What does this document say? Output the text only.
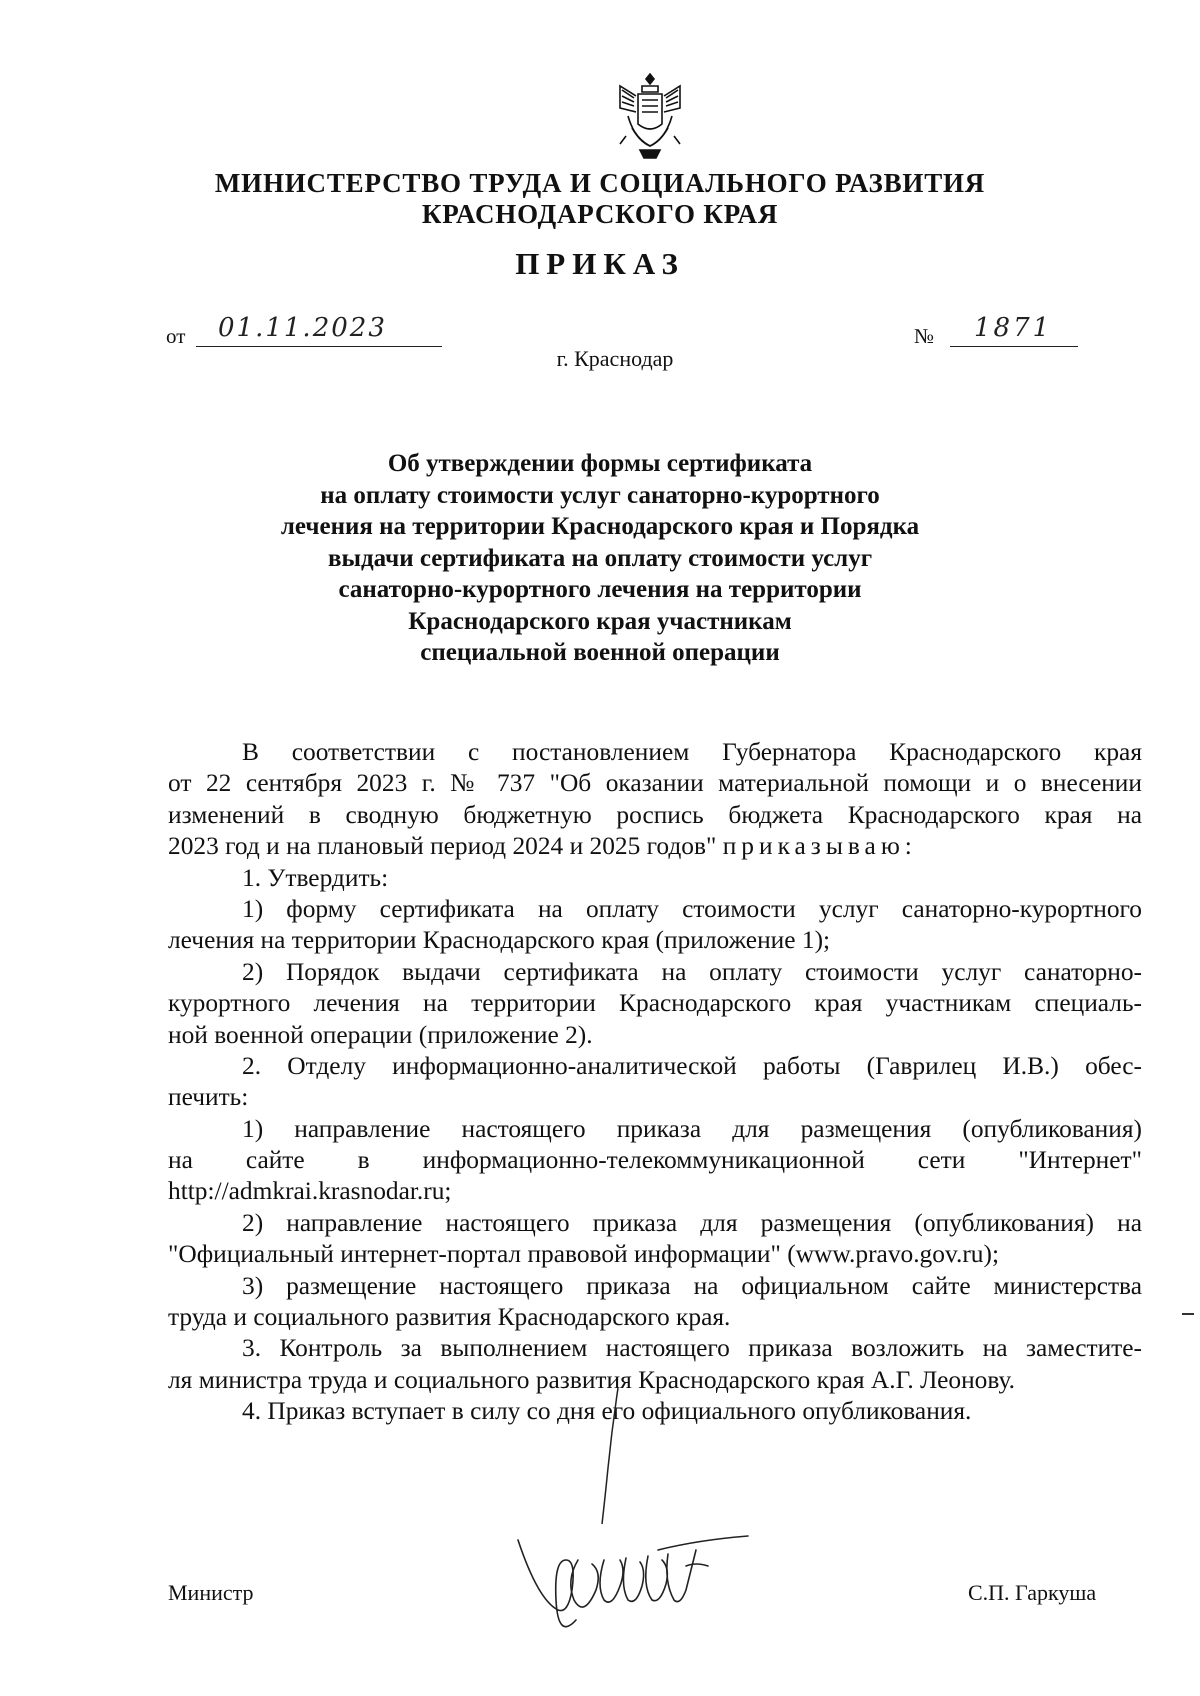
МИНИСТЕРСТВО ТРУДА И СОЦИАЛЬНОГО РАЗВИТИЯ
КРАСНОДАРСКОГО КРАЯ
ПРИКАЗ
от 01.11.2023	№ 1871
г. Краснодар
Об утверждении формы сертификата
на оплату стоимости услуг санаторно-курортного
лечения на территории Краснодарского края и Порядка
выдачи сертификата на оплату стоимости услуг
санаторно-курортного лечения на территории
Краснодарского края участникам
специальной военной операции
В соответствии с постановлением Губернатора Краснодарского края
от 22 сентября 2023 г. № 737 "Об оказании материальной помощи и о внесении
изменений в сводную бюджетную роспись бюджета Краснодарского края на
2023 год и на плановый период 2024 и 2025 годов" приказываю:
1. Утвердить:
1) форму сертификата на оплату стоимости услуг санаторно-курортного
лечения на территории Краснодарского края (приложение 1);
2) Порядок выдачи сертификата на оплату стоимости услуг санаторно-
курортного лечения на территории Краснодарского края участникам специаль-
ной военной операции (приложение 2).
2. Отделу информационно-аналитической работы (Гаврилец И.В.) обес-
печить:
1) направление настоящего приказа для размещения (опубликования)
на сайте в информационно-телекоммуникационной сети "Интернет"
http://admkrai.krasnodar.ru;
2) направление настоящего приказа для размещения (опубликования) на
"Официальный интернет-портал правовой информации" (www.pravo.gov.ru);
3) размещение настоящего приказа на официальном сайте министерства
труда и социального развития Краснодарского края.
3. Контроль за выполнением настоящего приказа возложить на заместите-
ля министра труда и социального развития Краснодарского края А.Г. Леонову.
4. Приказ вступает в силу со дня его официального опубликования.
Министр	С.П. Гаркуша
